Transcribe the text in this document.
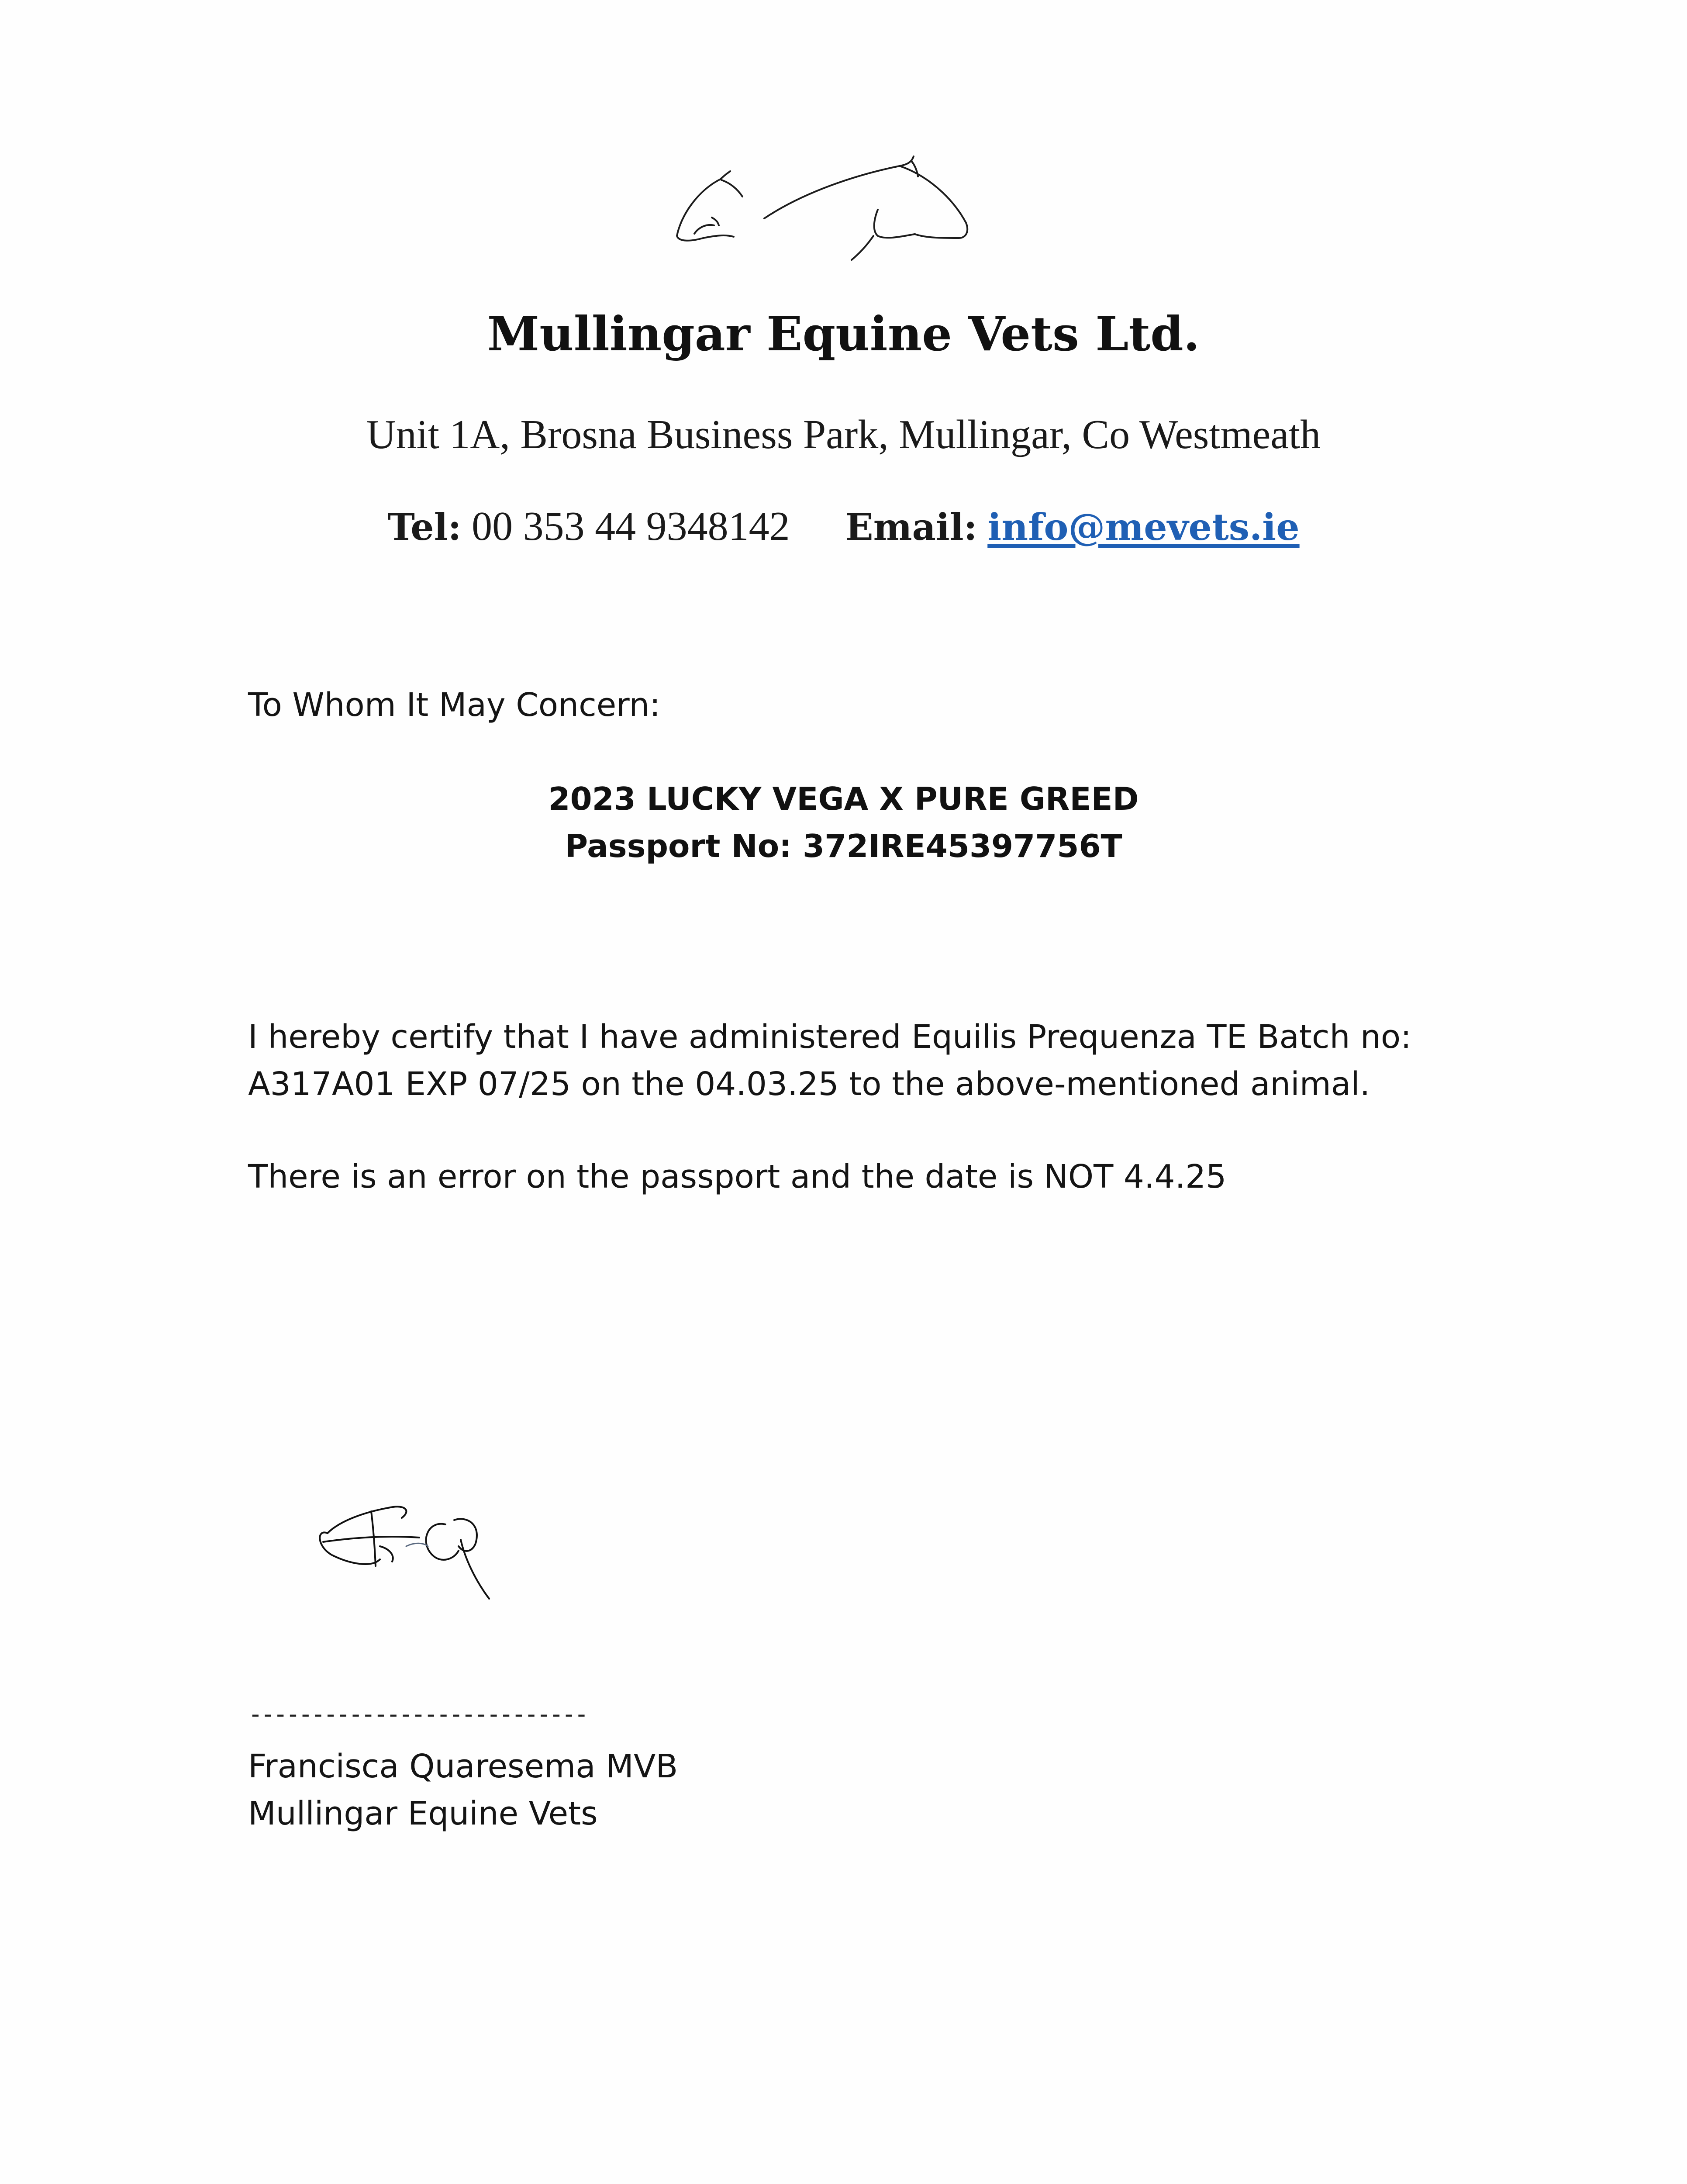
Mullingar Equine Vets Ltd.
Unit 1A, Brosna Business Park, Mullingar, Co Westmeath
Tel: 00 353 44 9348142 Email: info@mevets.ie
To Whom It May Concern:
2023 LUCKY VEGA X PURE GREED
Passport No: 372IRE45397756T
I hereby certify that I have administered Equilis Prequenza TE Batch no:
A317A01 EXP 07/25 on the 04.03.25 to the above-mentioned animal.
There is an error on the passport and the date is NOT 4.4.25
---------------------------
Francisca Quaresema MVB
Mullingar Equine Vets
